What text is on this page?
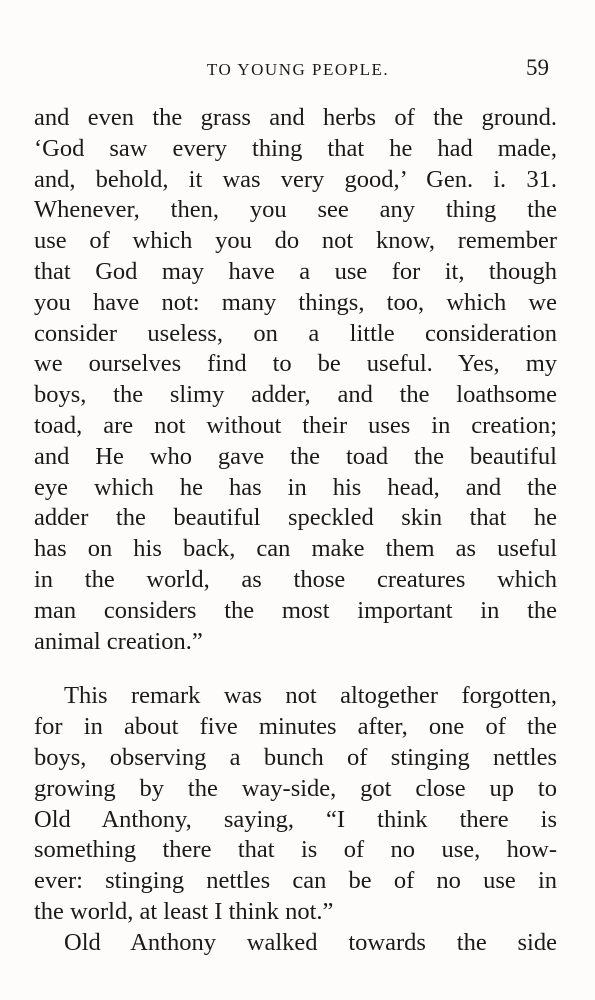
TO YOUNG PEOPLE.	59
and even the grass and herbs of the ground.
‘God saw every thing that he had made,
and, behold, it was very good,’ Gen. i. 31.
Whenever, then, you see any thing the
use of which you do not know, remember
that God may have a use for it, though
you have not: many things, too, which we
consider useless, on a little consideration
we ourselves find to be useful. Yes, my
boys, the slimy adder, and the loathsome
toad, are not without their uses in creation;
and He who gave the toad the beautiful
eye which he has in his head, and the
adder the beautiful speckled skin that he
has on his back, can make them as useful
in the world, as those creatures which
man considers the most important in the
animal creation.”
This remark was not altogether forgotten,
for in about five minutes after, one of the
boys, observing a bunch of stinging nettles
growing by the way-side, got close up to
Old Anthony, saying, “I think there is
something there that is of no use, how-
ever: stinging nettles can be of no use in
the world, at least I think not.”
Old Anthony walked towards the side
